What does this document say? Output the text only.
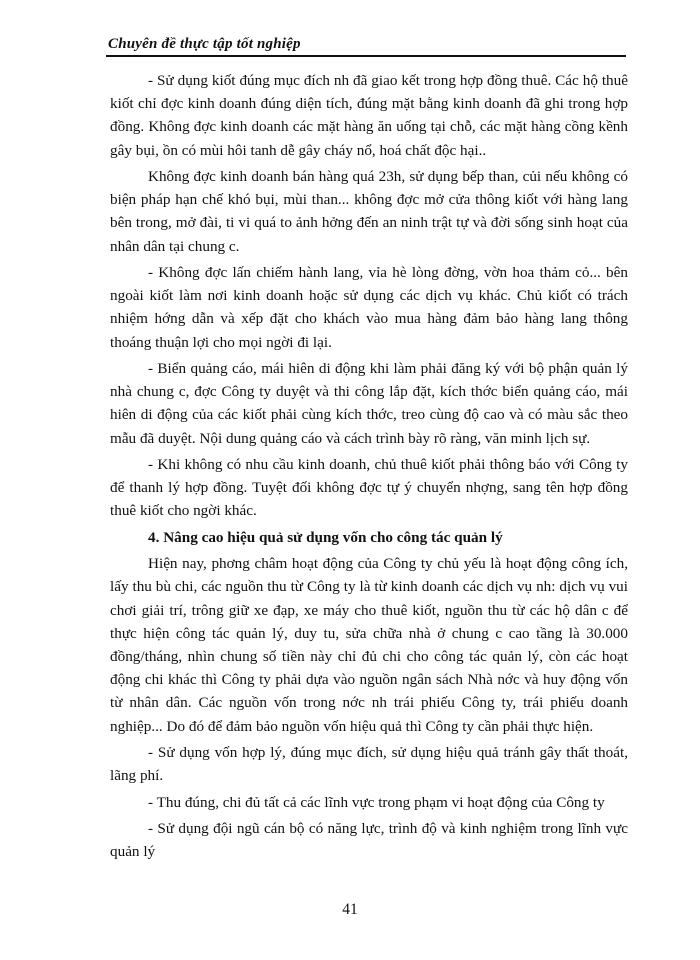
Chuyên đề thực tập tốt nghiệp

- Sử dụng kiốt đúng mục đích nh đã giao kết trong hợp đồng thuê. Các hộ thuê kiốt chỉ đợc kinh doanh đúng diện tích, đúng mặt bằng kinh doanh đã ghi trong hợp đồng. Không đợc kinh doanh các mặt hàng ăn uống tại chỗ, các mặt hàng cồng kềnh gây bụi, ồn có mùi hôi tanh dễ gây cháy nổ, hoá chất độc hại..

Không đợc kinh doanh bán hàng quá 23h, sử dụng bếp than, củi nếu không có biện pháp hạn chế khó bụi, mùi than... không đợc mở cửa thông kiốt với hàng lang bên trong, mở đài, ti vi quá to ảnh hởng đến an ninh trật tự và đời sống sinh hoạt của nhân dân tại chung c.

- Không đợc lấn chiếm hành lang, vỉa hè lòng đờng, vờn hoa thảm cỏ... bên ngoài kiốt làm nơi kinh doanh hoặc sử dụng các dịch vụ khác. Chủ kiốt có trách nhiệm hớng dẫn và xếp đặt cho khách vào mua hàng đảm bảo hàng lang thông thoáng thuận lợi cho mọi ngời đi lại.

- Biển quảng cáo, mái hiên di động khi làm phải đăng ký với bộ phận quản lý nhà chung c, đợc Công ty duyệt và thi công lắp đặt, kích thớc biển quảng cáo, mái hiên di động của các kiốt phải cùng kích thớc, treo cùng độ cao và có màu sắc theo mẫu đã duyệt. Nội dung quảng cáo và cách trình bày rõ ràng, văn minh lịch sự.

- Khi không có nhu cầu kinh doanh, chủ thuê kiốt phải thông báo với Công ty để thanh lý hợp đồng. Tuyệt đối không đợc tự ý chuyển nhợng, sang tên hợp đồng thuê kiốt cho ngời khác.

4. Nâng cao hiệu quả sử dụng vốn cho công tác quản lý

Hiện nay, phơng châm hoạt động của Công ty chủ yếu là hoạt động công ích, lấy thu bù chi, các nguồn thu từ Công ty là từ kinh doanh các dịch vụ nh: dịch vụ vui chơi giải trí, trông giữ xe đạp, xe máy cho thuê kiốt, nguồn thu từ các hộ dân c để thực hiện công tác quản lý, duy tu, sửa chữa nhà ở chung c cao tầng là 30.000 đồng/tháng, nhìn chung số tiền này chỉ đủ chi cho công tác quản lý, còn các hoạt động chi khác thì Công ty phải dựa vào nguồn ngân sách Nhà nớc và huy động vốn từ nhân dân. Các nguồn vốn trong nớc nh trái phiếu Công ty, trái phiếu doanh nghiệp... Do đó để đảm bảo nguồn vốn hiệu quả thì Công ty cần phải thực hiện.

- Sử dụng vốn hợp lý, đúng mục đích, sử dụng hiệu quả tránh gây thất thoát, lãng phí.

- Thu đúng, chi đủ tất cả các lĩnh vực trong phạm vi hoạt động của Công ty

- Sử dụng đội ngũ cán bộ có năng lực, trình độ và kinh nghiệm trong lĩnh vực quản lý

41
